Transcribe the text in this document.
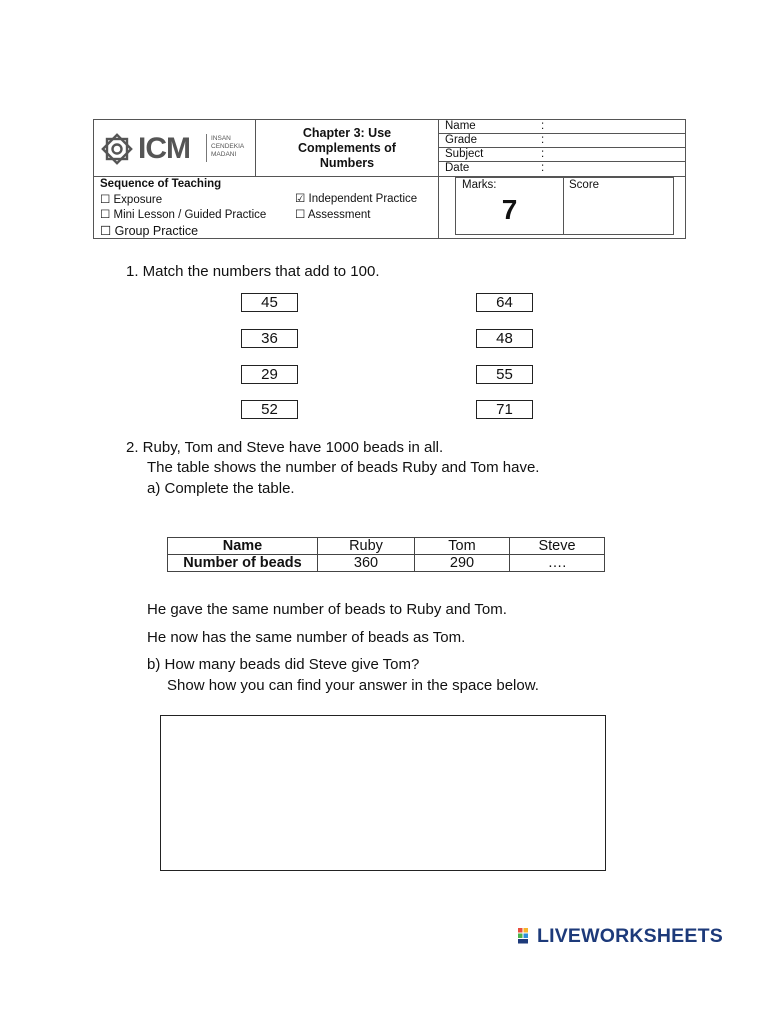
ICM	INSAN
CENDEKIA
MADANI
Chapter 3: Use
Complements of
Numbers
Name	:
Grade	:
Subject	:
Date	:
Sequence of Teaching
☐ Exposure
☐ Mini Lesson / Guided Practice
☐ Group Practice
☑ Independent Practice
☐ Assessment
Marks:
7
Score
1. Match the numbers that add to 100.
45
36
29
52
64
48
55
71
2. Ruby, Tom and Steve have 1000 beads in all.
The table shows the number of beads Ruby and Tom have.
a) Complete the table.
Name	Ruby	Tom	Steve
Number of beads	360	290	….
He gave the same number of beads to Ruby and Tom.
He now has the same number of beads as Tom.
b) How many beads did Steve give Tom?
Show how you can find your answer in the space below.
LIVEWORKSHEETS
